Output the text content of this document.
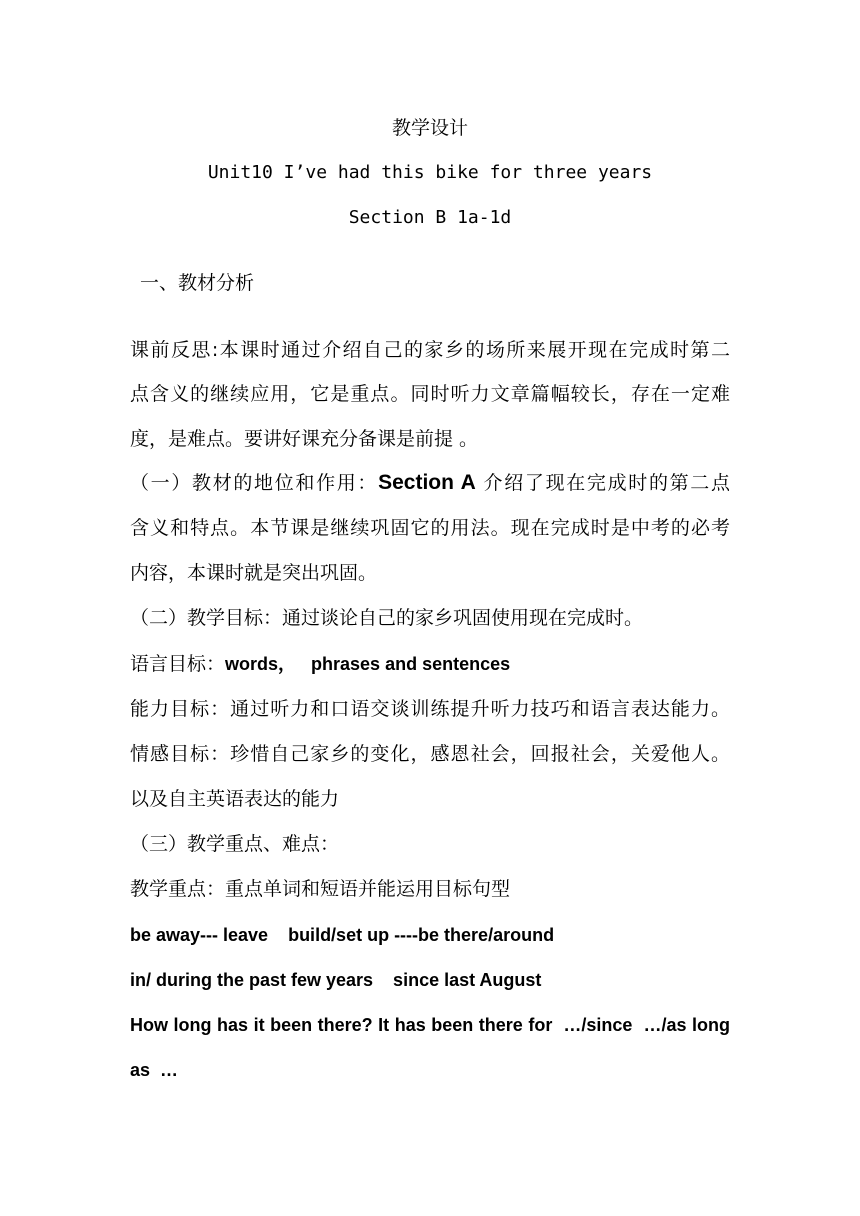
教学设计
Unit10 I’ve had this bike for three years
Section B 1a-1d
一、教材分析
课前反思:本课时通过介绍自己的家乡的场所来展开现在完成时第二
点含义的继续应用，它是重点。同时听力文章篇幅较长，存在一定难
度，是难点。要讲好课充分备课是前提 。
（一）教材的地位和作用：Section A 介绍了现在完成时的第二点
含义和特点。本节课是继续巩固它的用法。现在完成时是中考的必考
内容，本课时就是突出巩固。
（二）教学目标：通过谈论自己的家乡巩固使用现在完成时。
语言目标：words，   phrases and sentences
能力目标：通过听力和口语交谈训练提升听力技巧和语言表达能力。
情感目标：珍惜自己家乡的变化，感恩社会，回报社会，关爱他人。
以及自主英语表达的能力
（三）教学重点、难点：
教学重点：重点单词和短语并能运用目标句型
be away--- leave    build/set up ----be there/around
in/ during the past few years    since last August
How long has it been there? It has been there for  …/since  …/as long
as  …
